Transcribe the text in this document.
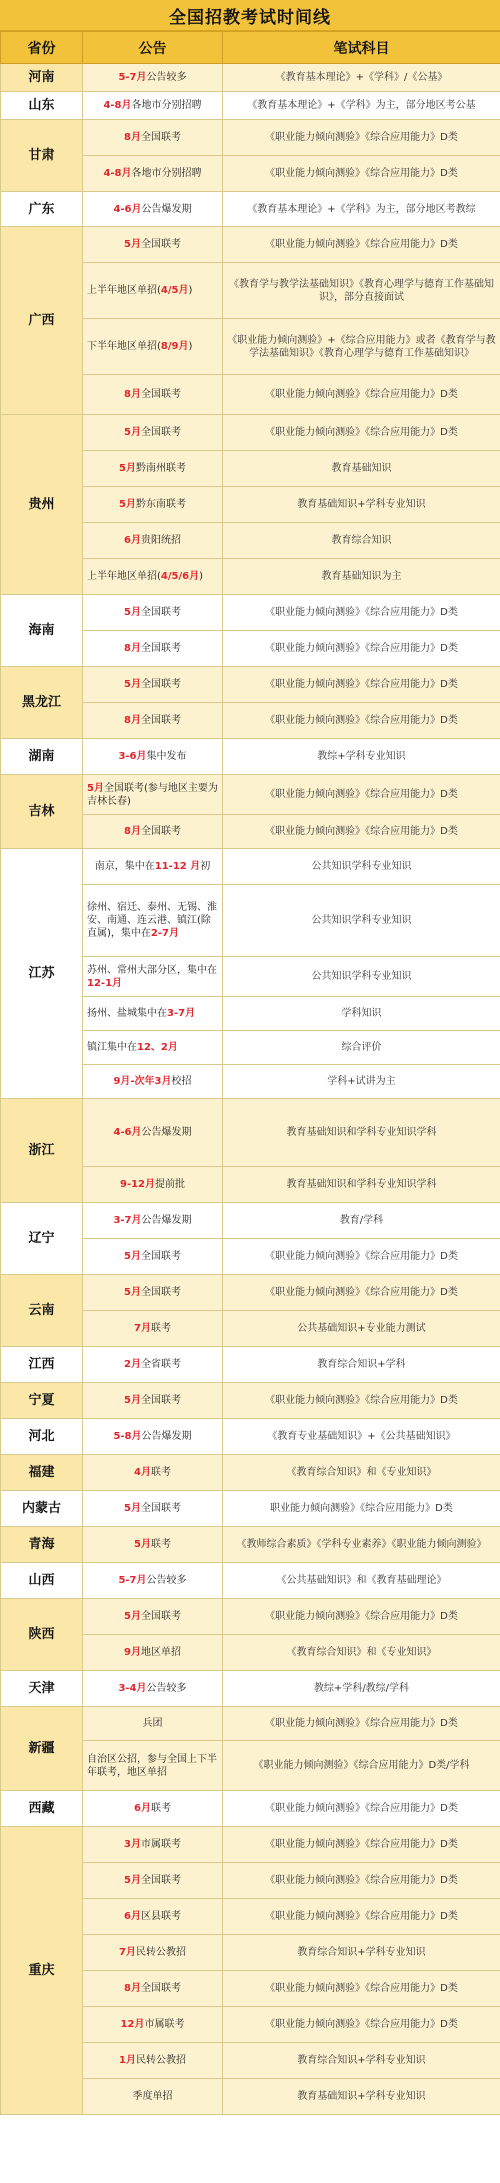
全国招教考试时间线
省份	公告	笔试科目
河南	5-7月公告较多	《教育基本理论》+《学科》/《公基》
山东	4-8月各地市分别招聘	《教育基本理论》+《学科》为主，部分地区考公基
甘肃	8月全国联考	《职业能力倾向测验》《综合应用能力》D类
	4-8月各地市分别招聘	《职业能力倾向测验》《综合应用能力》D类
广东	4-6月公告爆发期	《教育基本理论》+《学科》为主，部分地区考教综
广西	5月全国联考	《职业能力倾向测验》《综合应用能力》D类
	上半年地区单招(4/5月)	《教育学与教学法基础知识》《教育心理学与德育工作基础知识》，部分直接面试
	下半年地区单招(8/9月)	《职业能力倾向测验》+《综合应用能力》或者《教育学与教学法基础知识》《教育心理学与德育工作基础知识》
	8月全国联考	《职业能力倾向测验》《综合应用能力》D类
贵州	5月全国联考	《职业能力倾向测验》《综合应用能力》D类
	5月黔南州联考	教育基础知识
	5月黔东南联考	教育基础知识+学科专业知识
	6月贵阳统招	教育综合知识
	上半年地区单招(4/5/6月)	教育基础知识为主
海南	5月全国联考	《职业能力倾向测验》《综合应用能力》D类
	8月全国联考	《职业能力倾向测验》《综合应用能力》D类
黑龙江	5月全国联考	《职业能力倾向测验》《综合应用能力》D类
	8月全国联考	《职业能力倾向测验》《综合应用能力》D类
湖南	3-6月集中发布	教综+学科专业知识
吉林	5月全国联考(参与地区主要为吉林长春)	《职业能力倾向测验》《综合应用能力》D类
	8月全国联考	《职业能力倾向测验》《综合应用能力》D类
江苏	南京，集中在11-12 月初	公共知识学科专业知识
	徐州、宿迁、泰州、无锡、淮安、南通、连云港、镇江(除直属)，集中在2-7月	公共知识学科专业知识
	苏州、常州大部分区，集中在12-1月	公共知识学科专业知识
	扬州、盐城集中在3-7月	学科知识
	镇江集中在12、2月	综合评价
	9月-次年3月校招	学科+试讲为主
浙江	4-6月公告爆发期	教育基础知识和学科专业知识学科
	9-12月提前批	教育基础知识和学科专业知识学科
辽宁	3-7月公告爆发期	教育/学科
	5月全国联考	《职业能力倾向测验》《综合应用能力》D类
云南	5月全国联考	《职业能力倾向测验》《综合应用能力》D类
	7月联考	公共基础知识+专业能力测试
江西	2月全省联考	教育综合知识+学科
宁夏	5月全国联考	《职业能力倾向测验》《综合应用能力》D类
河北	5-8月公告爆发期	《教育专业基础知识》+《公共基础知识》
福建	4月联考	《教育综合知识》和《专业知识》
内蒙古	5月全国联考	职业能力倾向测验》《综合应用能力》D类
青海	5月联考	《教师综合素质》《学科专业素养》《职业能力倾向测验》
山西	5-7月公告较多	《公共基础知识》和《教育基础理论》
陕西	5月全国联考	《职业能力倾向测验》《综合应用能力》D类
	9月地区单招	《教育综合知识》和《专业知识》
天津	3-4月公告较多	教综+学科/教综/学科
新疆	兵团	《职业能力倾向测验》《综合应用能力》D类
	自治区公招，参与全国上下半年联考，地区单招	《职业能力倾向测验》《综合应用能力》D类/学科
西藏	6月联考	《职业能力倾向测验》《综合应用能力》D类
重庆	3月市属联考	《职业能力倾向测验》《综合应用能力》D类
	5月全国联考	《职业能力倾向测验》《综合应用能力》D类
	6月区县联考	《职业能力倾向测验》《综合应用能力》D类
	7月民转公教招	教育综合知识+学科专业知识
	8月全国联考	《职业能力倾向测验》《综合应用能力》D类
	12月市属联考	《职业能力倾向测验》《综合应用能力》D类
	1月民转公教招	教育综合知识+学科专业知识
	季度单招	教育基础知识+学科专业知识
